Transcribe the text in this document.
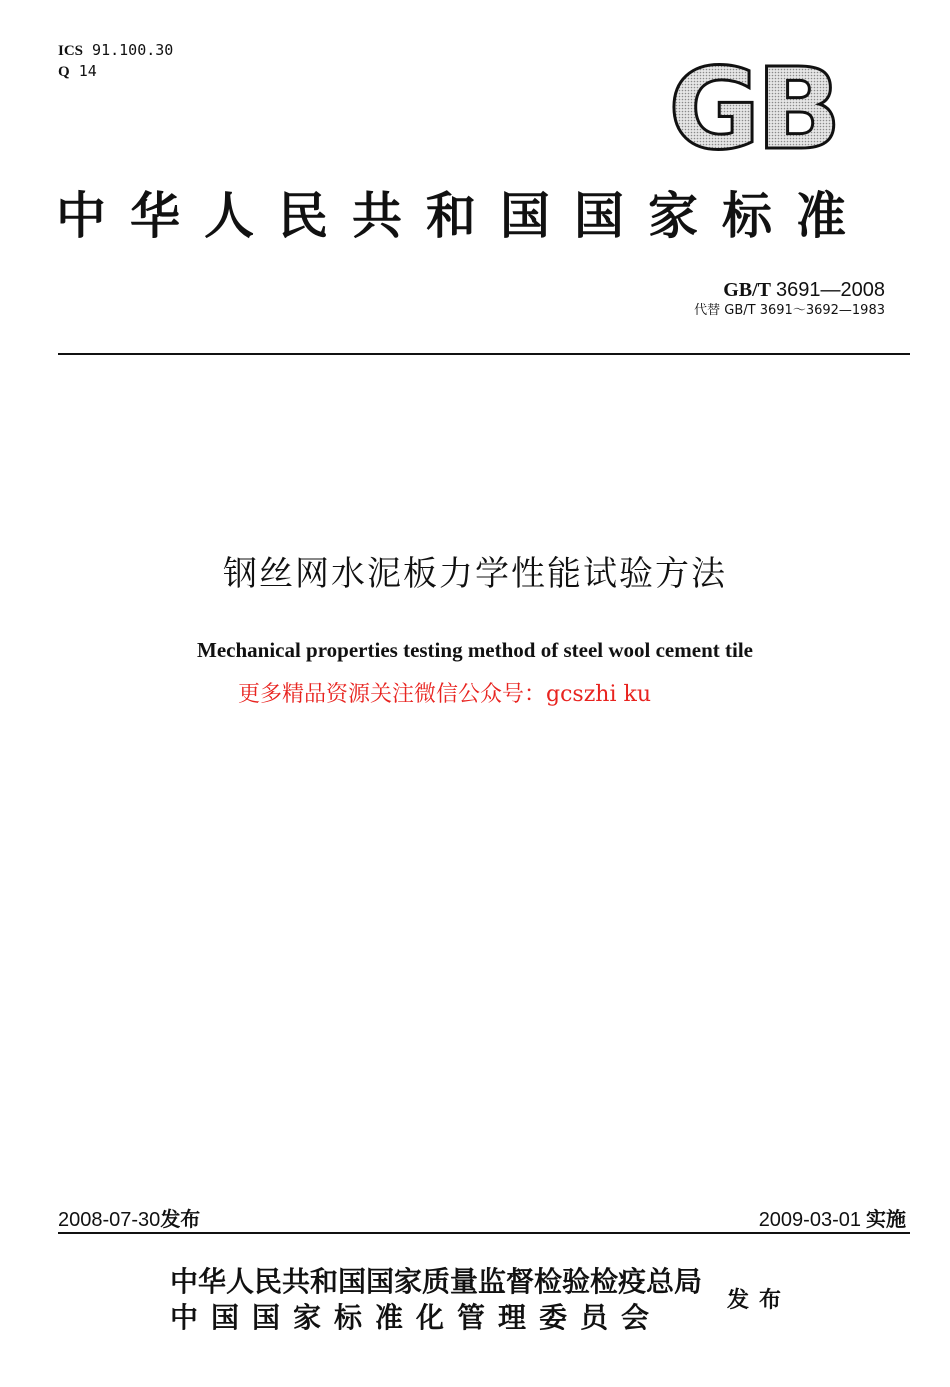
ICS 91.100.30
Q 14	GB
中华人民共和国国家标准
GB/T 3691—2008
代替 GB/T 3691～3692—1983
钢丝网水泥板力学性能试验方法
Mechanical properties testing method of steel wool cement tile
更多精品资源关注微信公众号：gcszhi ku
2008-07-30发布	2009-03-01 实施
中华人民共和国国家质量监督检验检疫总局
中国国家标准化管理委员会
发布
